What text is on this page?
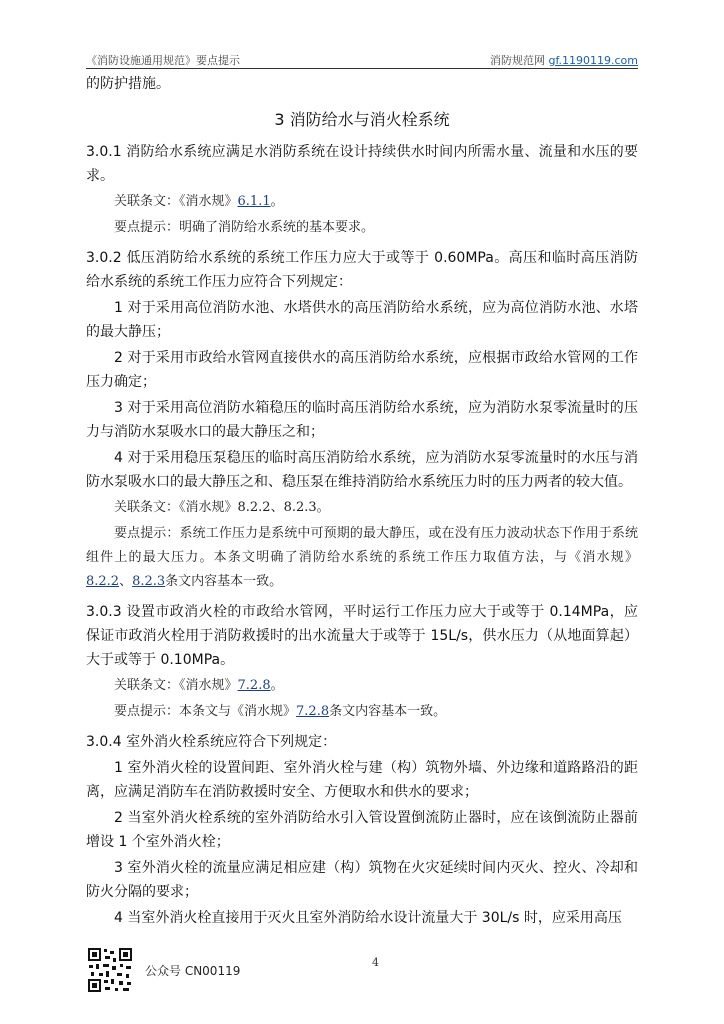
《消防设施通用规范》要点提示	消防规范网 gf.1190119.com
的防护措施。
3 消防给水与消火栓系统
3.0.1 消防给水系统应满足水消防系统在设计持续供水时间内所需水量、流量和水压的要求。
关联条文：《消水规》6.1.1。
要点提示：明确了消防给水系统的基本要求。
3.0.2 低压消防给水系统的系统工作压力应大于或等于 0.60MPa。高压和临时高压消防给水系统的系统工作压力应符合下列规定：
1 对于采用高位消防水池、水塔供水的高压消防给水系统，应为高位消防水池、水塔的最大静压；
2 对于采用市政给水管网直接供水的高压消防给水系统，应根据市政给水管网的工作压力确定；
3 对于采用高位消防水箱稳压的临时高压消防给水系统，应为消防水泵零流量时的压力与消防水泵吸水口的最大静压之和；
4 对于采用稳压泵稳压的临时高压消防给水系统，应为消防水泵零流量时的水压与消防水泵吸水口的最大静压之和、稳压泵在维持消防给水系统压力时的压力两者的较大值。
关联条文：《消水规》8.2.2、8.2.3。
要点提示：系统工作压力是系统中可预期的最大静压，或在没有压力波动状态下作用于系统组件上的最大压力。本条文明确了消防给水系统的系统工作压力取值方法，与《消水规》8.2.2、8.2.3条文内容基本一致。
3.0.3 设置市政消火栓的市政给水管网，平时运行工作压力应大于或等于 0.14MPa，应保证市政消火栓用于消防救援时的出水流量大于或等于 15L/s，供水压力（从地面算起）大于或等于 0.10MPa。
关联条文：《消水规》7.2.8。
要点提示：本条文与《消水规》7.2.8条文内容基本一致。
3.0.4 室外消火栓系统应符合下列规定：
1 室外消火栓的设置间距、室外消火栓与建（构）筑物外墙、外边缘和道路路沿的距离，应满足消防车在消防救援时安全、方便取水和供水的要求；
2 当室外消火栓系统的室外消防给水引入管设置倒流防止器时，应在该倒流防止器前增设 1 个室外消火栓；
3 室外消火栓的流量应满足相应建（构）筑物在火灾延续时间内灭火、控火、冷却和防火分隔的要求；
4 当室外消火栓直接用于灭火且室外消防给水设计流量大于 30L/s 时，应采用高压
公众号 CN00119
4
